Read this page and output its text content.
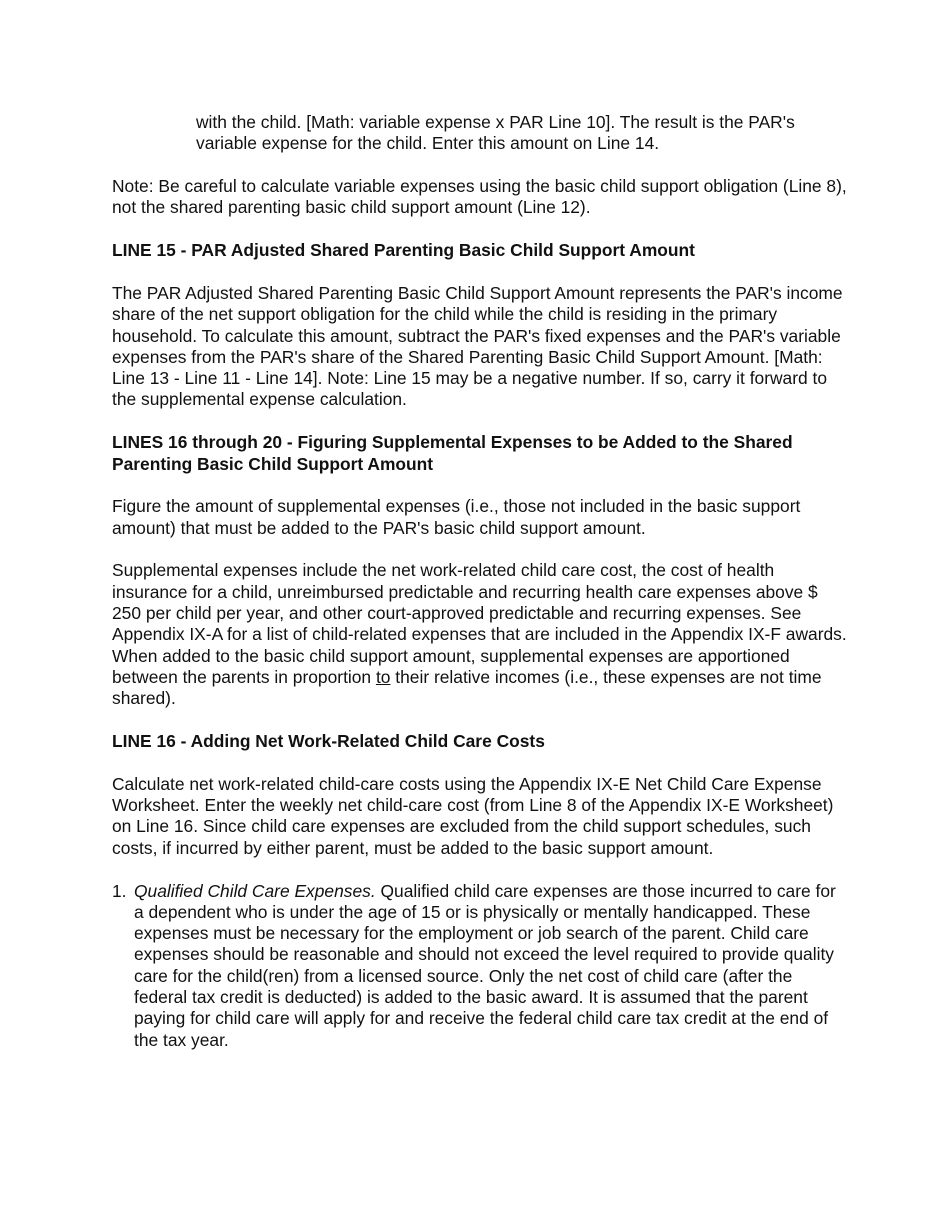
with the child. [Math: variable expense x PAR Line 10]. The result is the PAR's variable expense for the child. Enter this amount on Line 14.

Note: Be careful to calculate variable expenses using the basic child support obligation (Line 8), not the shared parenting basic child support amount (Line 12).

LINE 15 - PAR Adjusted Shared Parenting Basic Child Support Amount

The PAR Adjusted Shared Parenting Basic Child Support Amount represents the PAR's income share of the net support obligation for the child while the child is residing in the primary household. To calculate this amount, subtract the PAR's fixed expenses and the PAR's variable expenses from the PAR's share of the Shared Parenting Basic Child Support Amount. [Math: Line 13 - Line 11 - Line 14]. Note: Line 15 may be a negative number. If so, carry it forward to the supplemental expense calculation.

LINES 16 through 20 - Figuring Supplemental Expenses to be Added to the Shared Parenting Basic Child Support Amount

Figure the amount of supplemental expenses (i.e., those not included in the basic support amount) that must be added to the PAR's basic child support amount.

Supplemental expenses include the net work-related child care cost, the cost of health insurance for a child, unreimbursed predictable and recurring health care expenses above $ 250 per child per year, and other court-approved predictable and recurring expenses. See Appendix IX-A for a list of child-related expenses that are included in the Appendix IX-F awards. When added to the basic child support amount, supplemental expenses are apportioned between the parents in proportion to their relative incomes (i.e., these expenses are not time shared).

LINE 16 - Adding Net Work-Related Child Care Costs

Calculate net work-related child-care costs using the Appendix IX-E Net Child Care Expense Worksheet. Enter the weekly net child-care cost (from Line 8 of the Appendix IX-E Worksheet) on Line 16. Since child care expenses are excluded from the child support schedules, such costs, if incurred by either parent, must be added to the basic support amount.

1. Qualified Child Care Expenses. Qualified child care expenses are those incurred to care for a dependent who is under the age of 15 or is physically or mentally handicapped. These expenses must be necessary for the employment or job search of the parent. Child care expenses should be reasonable and should not exceed the level required to provide quality care for the child(ren) from a licensed source. Only the net cost of child care (after the federal tax credit is deducted) is added to the basic award. It is assumed that the parent paying for child care will apply for and receive the federal child care tax credit at the end of the tax year.
